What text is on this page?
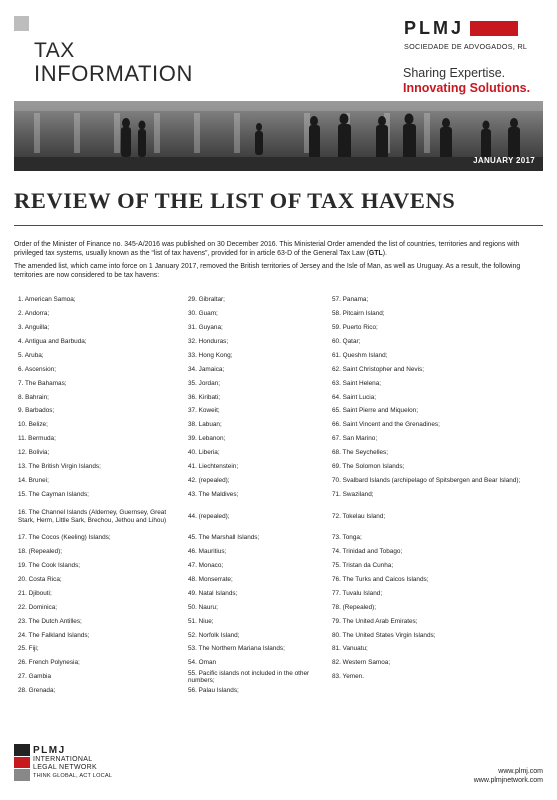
TAX
INFORMATION
PLMJ
SOCIEDADE DE ADVOGADOS, RL
Sharing Expertise.
Innovating Solutions.
JANUARY 2017
REVIEW OF THE LIST OF TAX HAVENS

Order of the Minister of Finance no. 345-A/2016 was published on 30 December 2016. This Ministerial Order amended the list of countries, territories and regions with privileged tax systems, usually known as the “list of tax havens”, provided for in article 63-D of the General Tax Law (GTL).

The amended list, which came into force on 1 January 2017, removed the British territories of Jersey and the Isle of Man, as well as Uruguay. As a result, the following territories are now considered to be tax havens:

1. American Samoa;
2. Andorra;
3. Anguilla;
4. Antigua and Barbuda;
5. Aruba;
6. Ascension;
7. The Bahamas;
8. Bahrain;
9. Barbados;
10. Belize;
11. Bermuda;
12. Bolivia;
13. The British Virgin Islands;
14. Brunei;
15. The Cayman Islands;
16. The Channel Islands (Alderney, Guernsey, Great Stark, Herm, Little Sark, Brechou, Jethou and Lihou)
17. The Cocos (Keeling) Islands;
18. (Repealed);
19. The Cook Islands;
20. Costa Rica;
21. Djibouti;
22. Dominica;
23. The Dutch Antilles;
24. The Falkland Islands;
25. Fiji;
26. French Polynesia;
27. Gambia
28. Grenada;
29. Gibraltar;
30. Guam;
31. Guyana;
32. Honduras;
33. Hong Kong;
34. Jamaica;
35. Jordan;
36. Kiribati;
37. Koweit;
38. Labuan;
39. Lebanon;
40. Liberia;
41. Liechtenstein;
42. (repealed);
43. The Maldives;
44. (repealed);
45. The Marshall Islands;
46. Mauritius;
47. Monaco;
48. Monserrate;
49. Natal Islands;
50. Nauru;
51. Niue;
52. Norfolk Island;
53. The Northern Mariana Islands;
54. Oman
55. Pacific islands not included in the other numbers;
56. Palau Islands;
57. Panama;
58. Pitcairn Island;
59. Puerto Rico;
60. Qatar;
61. Queshm Island;
62. Saint Christopher and Nevis;
63. Saint Helena;
64. Saint Lucia;
65. Saint Pierre and Miquelon;
66. Saint Vincent and the Grenadines;
67. San Marino;
68. The Seychelles;
69. The Solomon Islands;
70. Svalbard Islands (archipelago of Spitsbergen and Bear Island);
71. Swaziland;
72. Tokelau Island;
73. Tonga;
74. Trinidad and Tobago;
75. Tristan da Cunha;
76. The Turks and Caicos Islands;
77. Tuvalu Island;
78. (Repealed);
79. The United Arab Emirates;
80. The United States Virgin Islands;
81. Vanuatu;
82. Western Samoa;
83. Yemen.
PLMJ
INTERNATIONAL
LEGAL NETWORK
THINK GLOBAL, ACT LOCAL
www.plmj.com
www.plmjnetwork.com
